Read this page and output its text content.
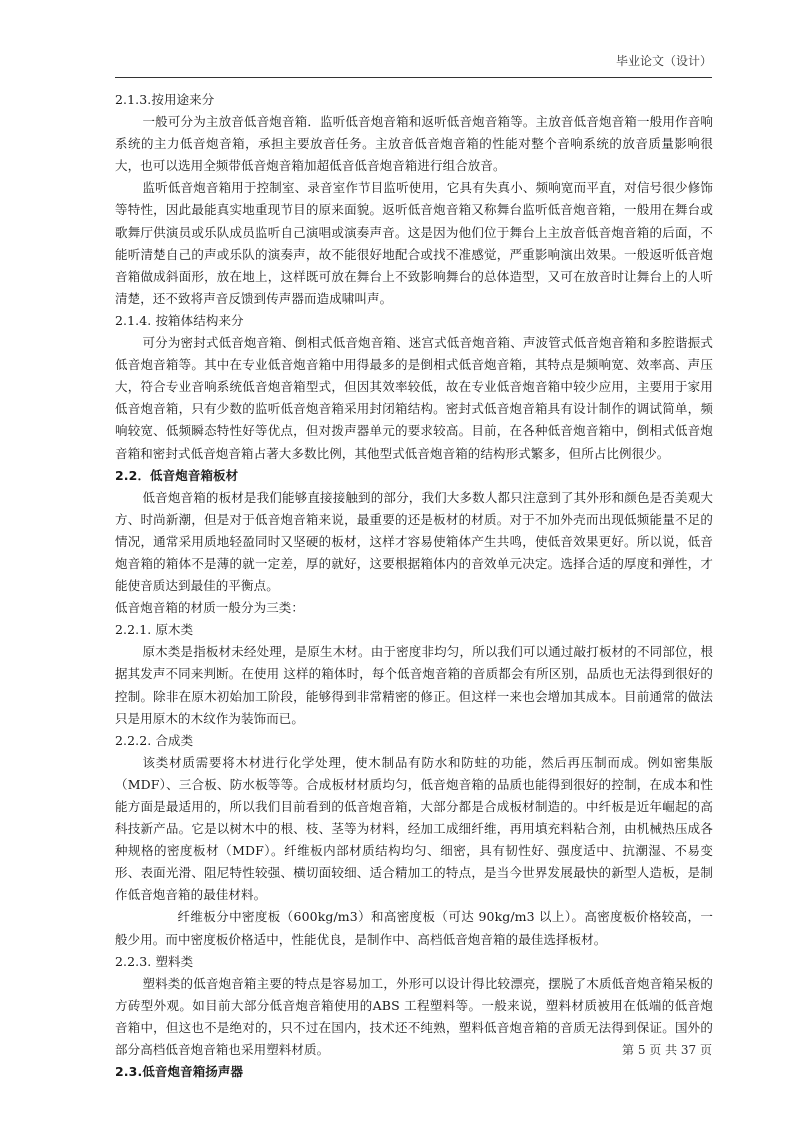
毕业论文（设计）

2.1.3.按用途来分

一般可分为主放音低音炮音箱．监听低音炮音箱和返听低音炮音箱等。主放音低音炮音箱一般用作音响系统的主力低音炮音箱，承担主要放音任务。主放音低音炮音箱的性能对整个音响系统的放音质量影响很大，也可以选用全频带低音炮音箱加超低音低音炮音箱进行组合放音。

监听低音炮音箱用于控制室、录音室作节目监听使用，它具有失真小、频响宽而平直，对信号很少修饰等特性，因此最能真实地重现节目的原来面貌。返听低音炮音箱又称舞台监听低音炮音箱，一般用在舞台或歌舞厅供演员或乐队成员监听自己演唱或演奏声音。这是因为他们位于舞台上主放音低音炮音箱的后面，不能听清楚自己的声或乐队的演奏声，故不能很好地配合或找不准感觉，严重影响演出效果。一般返听低音炮音箱做成斜面形，放在地上，这样既可放在舞台上不致影响舞台的总体造型，又可在放音时让舞台上的人听清楚，还不致将声音反馈到传声器而造成啸叫声。

2.1.4. 按箱体结构来分

可分为密封式低音炮音箱、倒相式低音炮音箱、迷宫式低音炮音箱、声波管式低音炮音箱和多腔谐振式低音炮音箱等。其中在专业低音炮音箱中用得最多的是倒相式低音炮音箱，其特点是频响宽、效率高、声压大，符合专业音响系统低音炮音箱型式，但因其效率较低，故在专业低音炮音箱中较少应用，主要用于家用低音炮音箱，只有少数的监听低音炮音箱采用封闭箱结构。密封式低音炮音箱具有设计制作的调试简单，频响较宽、低频瞬态特性好等优点，但对拨声器单元的要求较高。目前，在各种低音炮音箱中，倒相式低音炮音箱和密封式低音炮音箱占著大多数比例，其他型式低音炮音箱的结构形式繁多，但所占比例很少。

2.2．低音炮音箱板材

低音炮音箱的板材是我们能够直接接触到的部分，我们大多数人都只注意到了其外形和颜色是否美观大方、时尚新潮，但是对于低音炮音箱来说，最重要的还是板材的材质。对于不加外壳而出现低频能量不足的情况，通常采用质地轻盈同时又坚硬的板材，这样才容易使箱体产生共鸣，使低音效果更好。所以说，低音炮音箱的箱体不是薄的就一定差，厚的就好，这要根据箱体内的音效单元决定。选择合适的厚度和弹性，才能使音质达到最佳的平衡点。

低音炮音箱的材质一般分为三类：

2.2.1. 原木类

原木类是指板材未经处理，是原生木材。由于密度非均匀，所以我们可以通过敲打板材的不同部位，根据其发声不同来判断。在使用 这样的箱体时，每个低音炮音箱的音质都会有所区别，品质也无法得到很好的控制。除非在原木初始加工阶段，能够得到非常精密的修正。但这样一来也会增加其成本。目前通常的做法只是用原木的木纹作为装饰而已。

2.2.2. 合成类

该类材质需要将木材进行化学处理，使木制品有防水和防蛀的功能，然后再压制而成。例如密集版（MDF）、三合板、防水板等等。合成板材材质均匀，低音炮音箱的品质也能得到很好的控制，在成本和性能方面是最适用的，所以我们目前看到的低音炮音箱，大部分都是合成板材制造的。中纤板是近年崛起的高科技新产品。它是以树木中的根、枝、茎等为材料，经加工成细纤维，再用填充料粘合剂，由机械热压成各种规格的密度板材（MDF）。纤维板内部材质结构均匀、细密，具有韧性好、强度适中、抗潮湿、不易变形、表面光滑、阻尼特性较强、横切面较细、适合精加工的特点，是当今世界发展最快的新型人造板，是制作低音炮音箱的最佳材料。

纤维板分中密度板（600kg/m3）和高密度板（可达 90kg/m3 以上）。高密度板价格较高，一般少用。而中密度板价格适中，性能优良，是制作中、高档低音炮音箱的最佳选择板材。

2.2.3. 塑料类

塑料类的低音炮音箱主要的特点是容易加工，外形可以设计得比较漂亮，摆脱了木质低音炮音箱呆板的方砖型外观。如目前大部分低音炮音箱使用的ABS 工程塑料等。一般来说，塑料材质被用在低端的低音炮音箱中，但这也不是绝对的，只不过在国内，技术还不纯熟，塑料低音炮音箱的音质无法得到保证。国外的部分高档低音炮音箱也采用塑料材质。

2.3.低音炮音箱扬声器

第 5 页 共 37 页
